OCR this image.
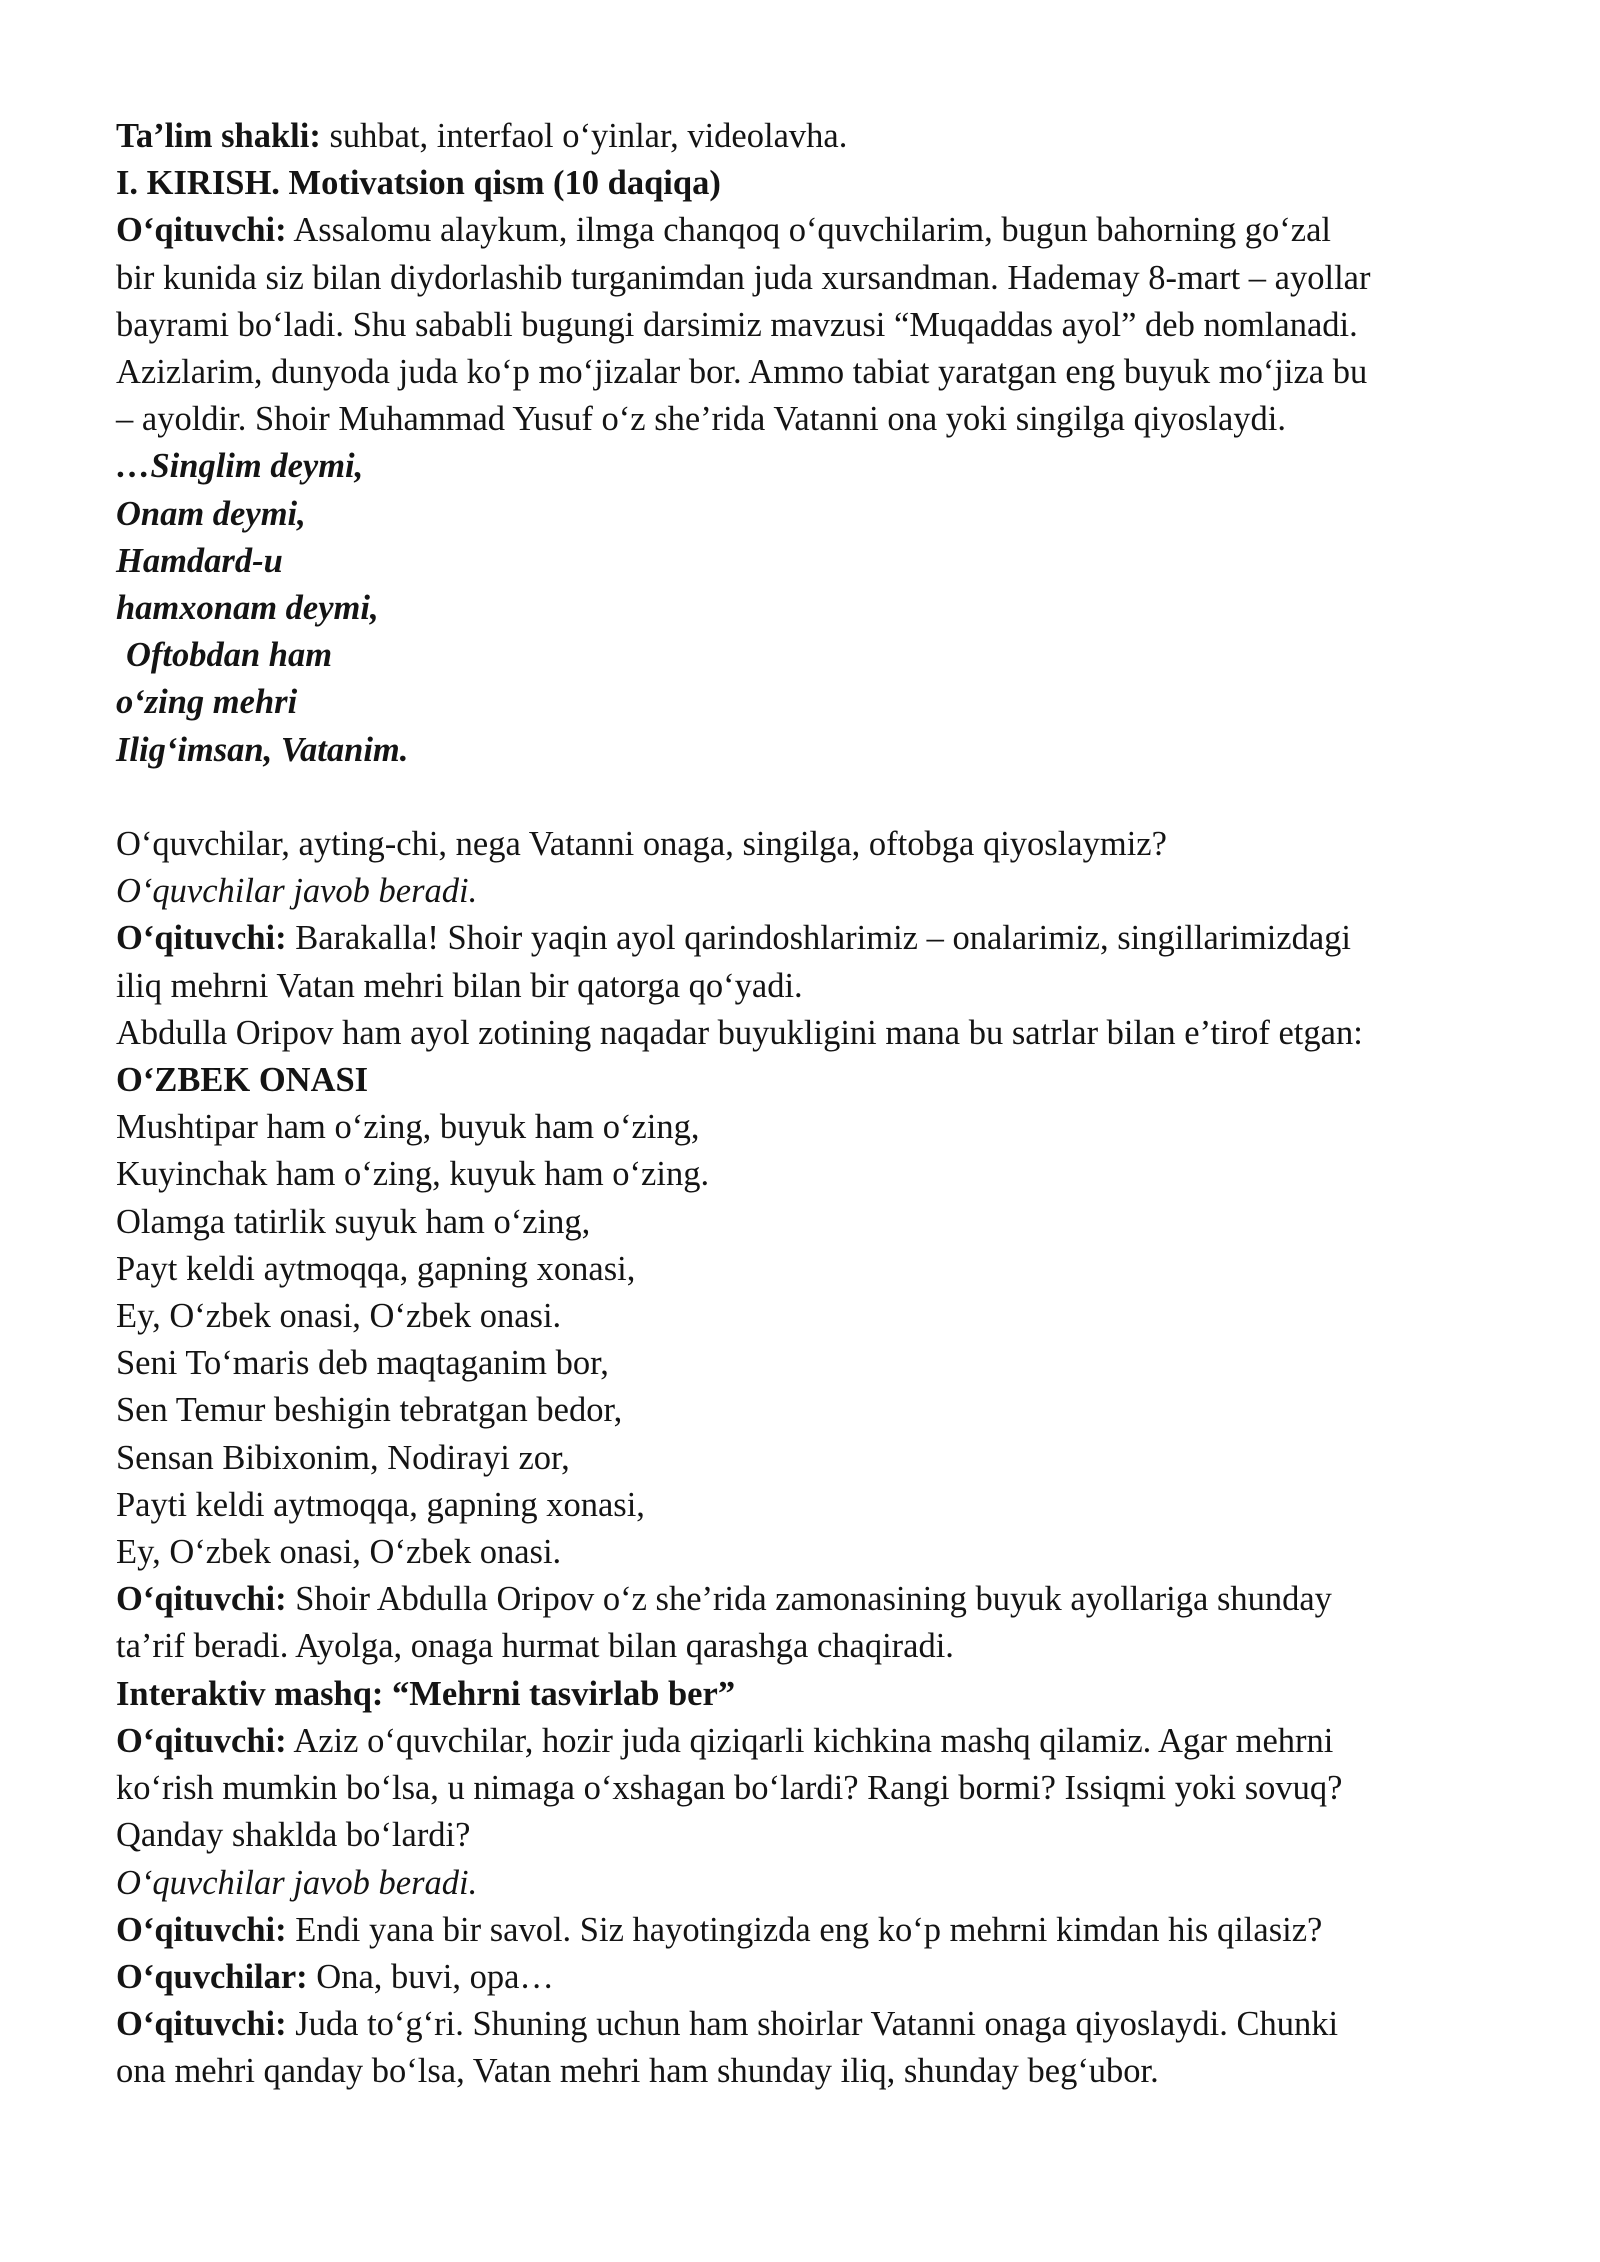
Ta’lim shakli: suhbat, interfaol o‘yinlar, videolavha.
I. KIRISH. Motivatsion qism (10 daqiqa)
O‘qituvchi: Assalomu alaykum, ilmga chanqoq o‘quvchilarim, bugun bahorning go‘zal
bir kunida siz bilan diydorlashib turganimdan juda xursandman. Hademay 8-mart – ayollar
bayrami bo‘ladi. Shu sababli bugungi darsimiz mavzusi “Muqaddas ayol” deb nomlanadi.
Azizlarim, dunyoda juda ko‘p mo‘jizalar bor. Ammo tabiat yaratgan eng buyuk mo‘jiza bu
– ayoldir. Shoir Muhammad Yusuf o‘z she’rida Vatanni ona yoki singilga qiyoslaydi.
…Singlim deymi,
Onam deymi,
Hamdard-u
hamxonam deymi,
Oftobdan ham
o‘zing mehri
Ilig‘imsan, Vatanim.
O‘quvchilar, ayting-chi, nega Vatanni onaga, singilga, oftobga qiyoslaymiz?
O‘quvchilar javob beradi.
O‘qituvchi: Barakalla! Shoir yaqin ayol qarindoshlarimiz – onalarimiz, singillarimizdagi
iliq mehrni Vatan mehri bilan bir qatorga qo‘yadi.
Abdulla Oripov ham ayol zotining naqadar buyukligini mana bu satrlar bilan e’tirof etgan:
O‘ZBEK ONASI
Mushtipar ham o‘zing, buyuk ham o‘zing,
Kuyinchak ham o‘zing, kuyuk ham o‘zing.
Olamga tatirlik suyuk ham o‘zing,
Payt keldi aytmoqqa, gapning xonasi,
Ey, O‘zbek onasi, O‘zbek onasi.
Seni To‘maris deb maqtaganim bor,
Sen Temur beshigin tebratgan bedor,
Sensan Bibixonim, Nodirayi zor,
Payti keldi aytmoqqa, gapning xonasi,
Ey, O‘zbek onasi, O‘zbek onasi.
O‘qituvchi: Shoir Abdulla Oripov o‘z she’rida zamonasining buyuk ayollariga shunday
ta’rif beradi. Ayolga, onaga hurmat bilan qarashga chaqiradi.
Interaktiv mashq: “Mehrni tasvirlab ber”
O‘qituvchi: Aziz o‘quvchilar, hozir juda qiziqarli kichkina mashq qilamiz. Agar mehrni
ko‘rish mumkin bo‘lsa, u nimaga o‘xshagan bo‘lardi? Rangi bormi? Issiqmi yoki sovuq?
Qanday shaklda bo‘lardi?
O‘quvchilar javob beradi.
O‘qituvchi: Endi yana bir savol. Siz hayotingizda eng ko‘p mehrni kimdan his qilasiz?
O‘quvchilar: Ona, buvi, opa…
O‘qituvchi: Juda to‘g‘ri. Shuning uchun ham shoirlar Vatanni onaga qiyoslaydi. Chunki
ona mehri qanday bo‘lsa, Vatan mehri ham shunday iliq, shunday beg‘ubor.
